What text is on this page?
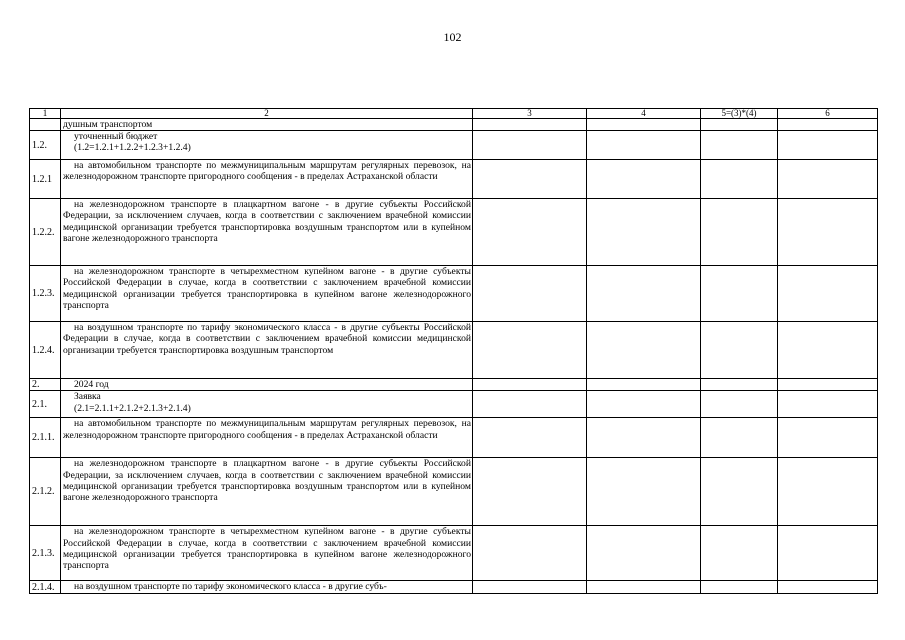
102
1	2	3	4	5=(3)*(4)	6
	душным транспортом				
1.2.	уточненный бюджет
(1.2=1.2.1+1.2.2+1.2.3+1.2.4)				

1.2.1	на автомобильном транспорте по межмуниципальным маршрутам регулярных перевозок, на железнодорожном транспорте пригородного сообщения - в пределах Астраханской области				

1.2.2.	на железнодорожном транспорте в плацкартном вагоне - в другие субъекты Российской Федерации, за исключением случаев, когда в соответствии с заключением врачебной комиссии медицинской организации требуется транспортировка воздушным транспортом или в купейном вагоне железнодорожного транспорта				

1.2.3.	на железнодорожном транспорте в четырехместном купейном вагоне - в другие субъекты Российской Федерации в случае, когда в соответствии с заключением врачебной комиссии медицинской организации требуется транспортировка в купейном вагоне железнодорожного транспорта				

1.2.4.	на воздушном транспорте по тарифу экономического класса - в другие субъекты Российской Федерации в случае, когда в соответствии с заключением врачебной комиссии медицинской организации требуется транспортировка воздушным транспортом				

2.	2024 год				

2.1.	Заявка
(2.1=2.1.1+2.1.2+2.1.3+2.1.4)				

2.1.1.	на автомобильном транспорте по межмуниципальным маршрутам регулярных перевозок, на железнодорожном транспорте пригородного сообщения - в пределах Астраханской области				

2.1.2.	на железнодорожном транспорте в плацкартном вагоне - в другие субъекты Российской Федерации, за исключением случаев, когда в соответствии с заключением врачебной комиссии медицинской организации требуется транспортировка воздушным транспортом или в купейном вагоне железнодорожного транспорта				

2.1.3.	на железнодорожном транспорте в четырехместном купейном вагоне - в другие субъекты Российской Федерации в случае, когда в соответствии с заключением врачебной комиссии медицинской организации требуется транспортировка в купейном вагоне железнодорожного транспорта				

2.1.4.	на воздушном транспорте по тарифу экономического класса - в другие субъ-				
